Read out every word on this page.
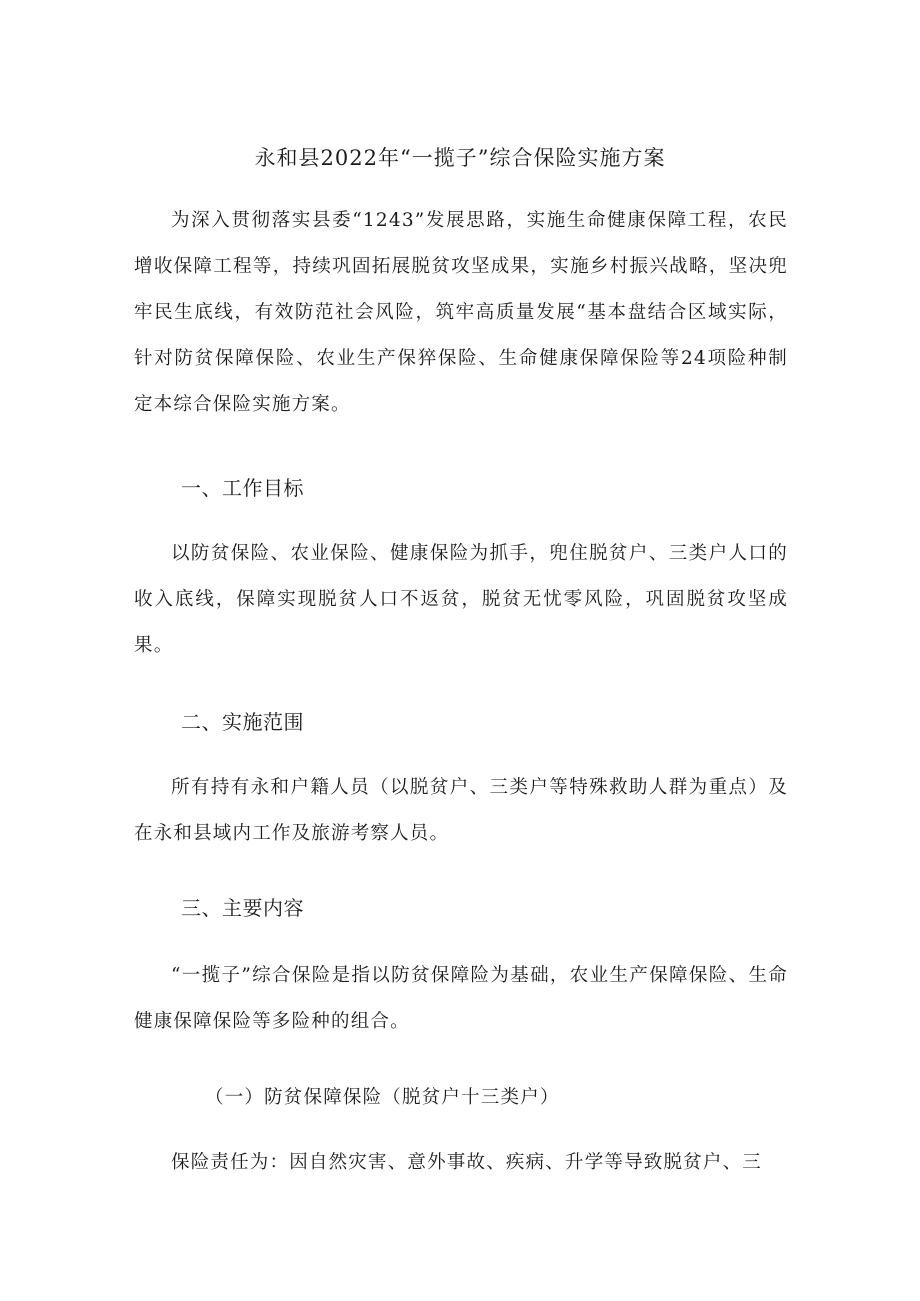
永和县2022年“一揽子”综合保险实施方案

为深入贯彻落实县委“1243”发展思路，实施生命健康保障工程，农民增收保障工程等，持续巩固拓展脱贫攻坚成果，实施乡村振兴战略，坚决兜牢民生底线，有效防范社会风险，筑牢高质量发展“基本盘结合区域实际，针对防贫保障保险、农业生产保猝保险、生命健康保障保险等24项险种制定本综合保险实施方案。

一、工作目标

以防贫保险、农业保险、健康保险为抓手，兜住脱贫户、三类户人口的收入底线，保障实现脱贫人口不返贫，脱贫无忧零风险，巩固脱贫攻坚成果。

二、实施范围

所有持有永和户籍人员（以脱贫户、三类户等特殊救助人群为重点）及在永和县域内工作及旅游考察人员。

三、主要内容

“一揽子”综合保险是指以防贫保障险为基础，农业生产保障保险、生命健康保障保险等多险种的组合。

（一）防贫保障保险（脱贫户十三类户）

保险责任为：因自然灾害、意外事故、疾病、升学等导致脱贫户、三
